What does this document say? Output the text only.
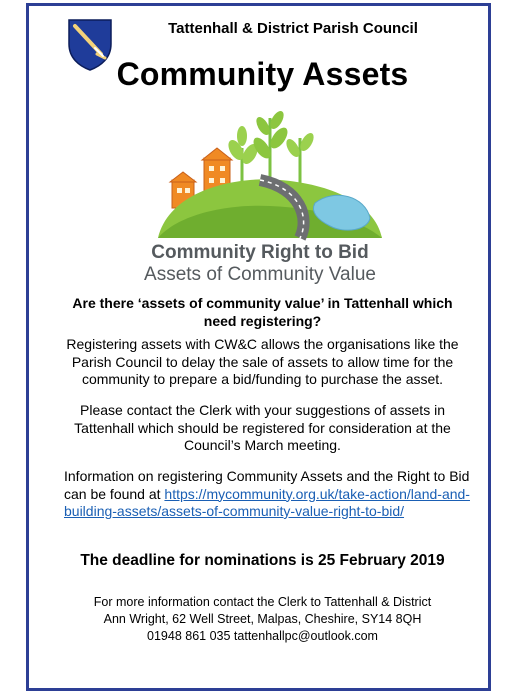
Tattenhall & District Parish Council
Community Assets
Community Right to Bid
Assets of Community Value
Are there ‘assets of community value’ in Tattenhall which need registering?
Registering assets with CW&C allows the organisations like the Parish Council to delay the sale of assets to allow time for the community to prepare a bid/funding to purchase the asset.
Please contact the Clerk with your suggestions of assets in Tattenhall which should be registered for consideration at the Council’s March meeting.
Information on registering Community Assets and the Right to Bid can be found at https://mycommunity.org.uk/take-action/land-and-building-assets/assets-of-community-value-right-to-bid/
The deadline for nominations is 25 February 2019
For more information contact the Clerk to Tattenhall & District
Ann Wright, 62 Well Street, Malpas, Cheshire, SY14 8QH
01948 861 035 tattenhallpc@outlook.com
